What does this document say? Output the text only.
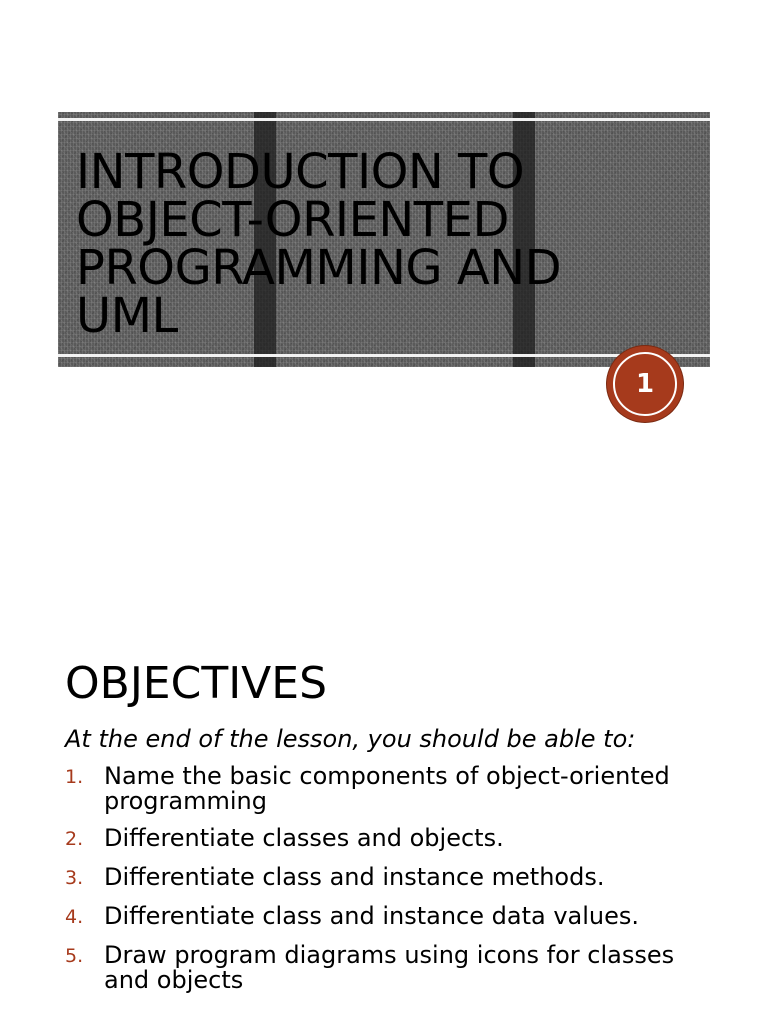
INTRODUCTION TO
OBJECT-ORIENTED
PROGRAMMING AND
UML
1
OBJECTIVES

At the end of the lesson, you should be able to:

1. Name the basic components of object-oriented programming
2. Differentiate classes and objects.
3. Differentiate class and instance methods.
4. Differentiate class and instance data values.
5. Draw program diagrams using icons for classes and objects
